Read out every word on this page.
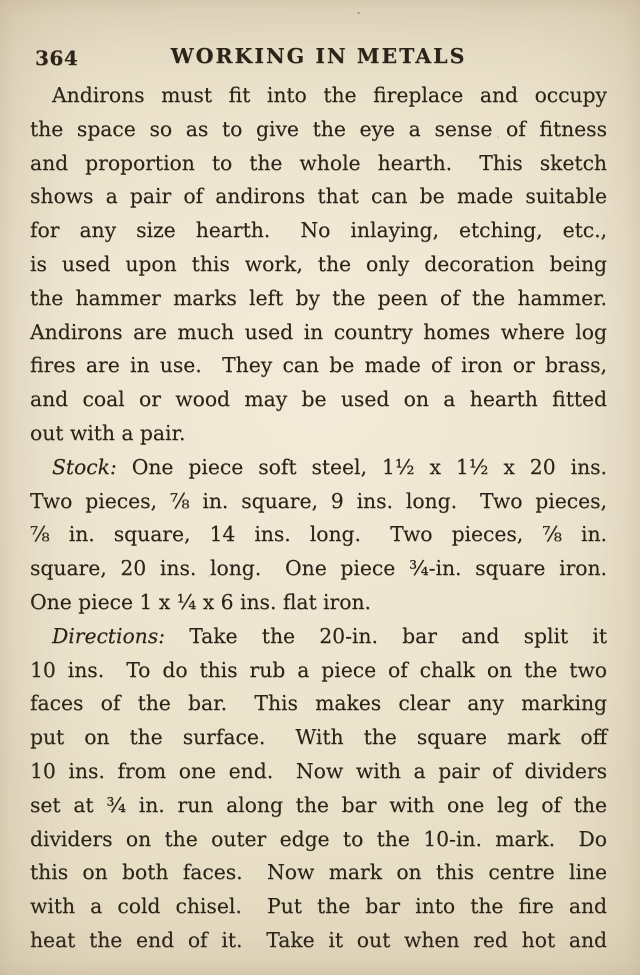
364	WORKING IN METALS
Andirons must fit into the fireplace and occupy
the space so as to give the eye a sense of fitness
and proportion to the whole hearth.  This sketch
shows a pair of andirons that can be made suitable
for any size hearth.  No inlaying, etching, etc.,
is used upon this work, the only decoration being
the hammer marks left by the peen of the hammer.
Andirons are much used in country homes where log
fires are in use.  They can be made of iron or brass,
and coal or wood may be used on a hearth fitted
out with a pair.
Stock: One piece soft steel, 1½ x 1½ x 20 ins.
Two pieces, ⅞ in. square, 9 ins. long.  Two pieces,
⅞ in. square, 14 ins. long.  Two pieces, ⅞ in.
square, 20 ins. long.  One piece ¾-in. square iron.
One piece 1 x ¼ x 6 ins. flat iron.
Directions: Take the 20-in. bar and split it
10 ins.  To do this rub a piece of chalk on the two
faces of the bar.  This makes clear any marking
put on the surface.  With the square mark off
10 ins. from one end.  Now with a pair of dividers
set at ¾ in. run along the bar with one leg of the
dividers on the outer edge to the 10-in. mark.  Do
this on both faces.  Now mark on this centre line
with a cold chisel.  Put the bar into the fire and
heat the end of it.  Take it out when red hot and
